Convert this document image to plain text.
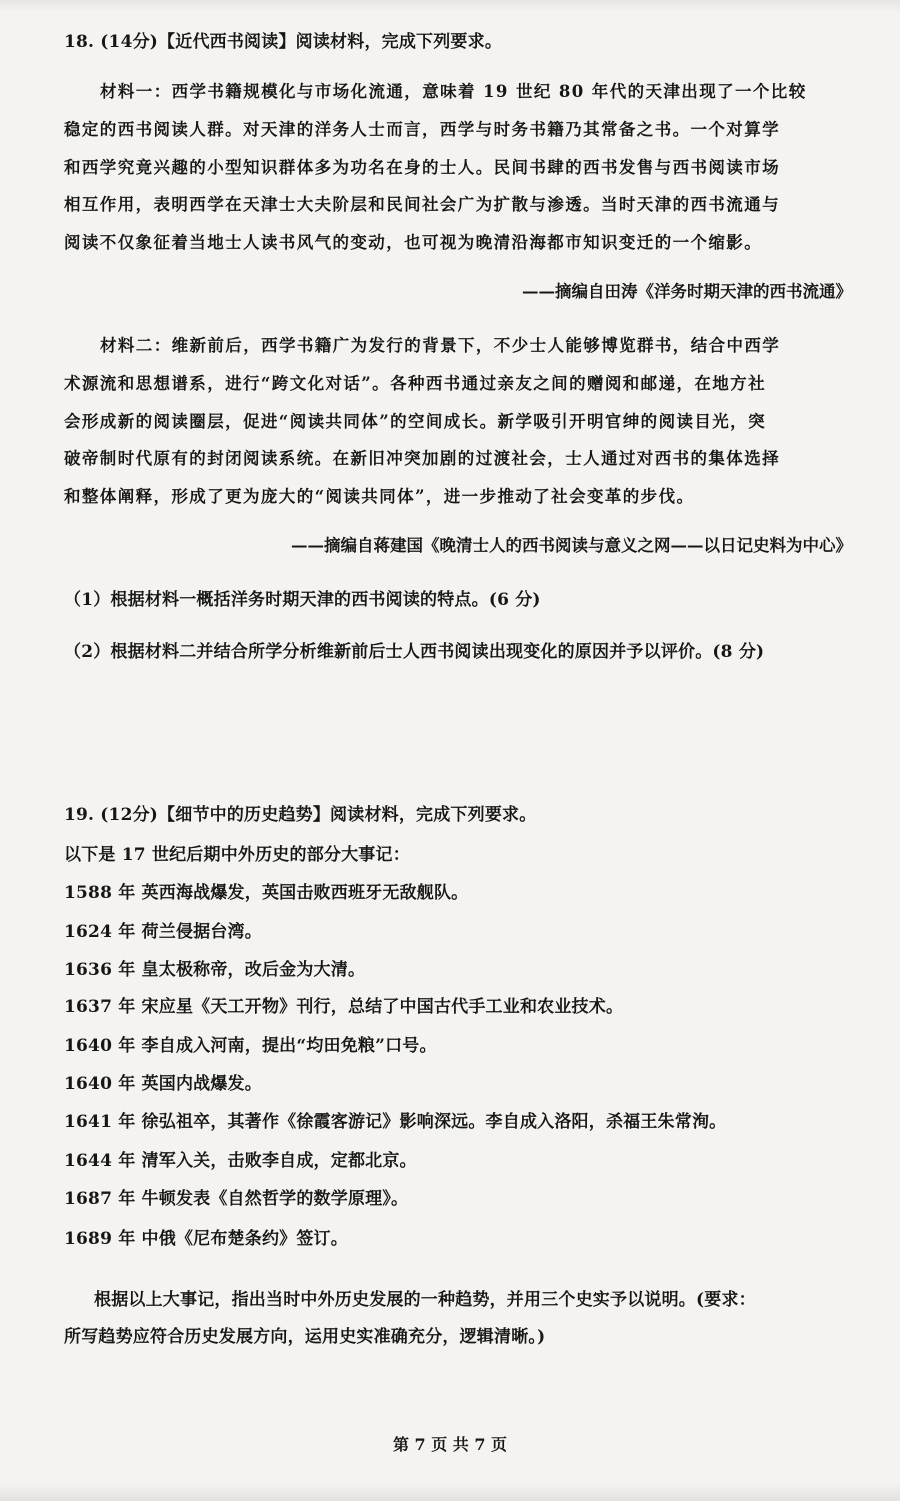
18. (14分)【近代西书阅读】阅读材料，完成下列要求。
材料一：西学书籍规模化与市场化流通，意味着 19 世纪 80 年代的天津出现了一个比较
稳定的西书阅读人群。对天津的洋务人士而言，西学与时务书籍乃其常备之书。一个对算学
和西学究竟兴趣的小型知识群体多为功名在身的士人。民间书肆的西书发售与西书阅读市场
相互作用，表明西学在天津士大夫阶层和民间社会广为扩散与渗透。当时天津的西书流通与
阅读不仅象征着当地士人读书风气的变动，也可视为晚清沿海都市知识变迁的一个缩影。
——摘编自田涛《洋务时期天津的西书流通》
材料二：维新前后，西学书籍广为发行的背景下，不少士人能够博览群书，结合中西学
术源流和思想谱系，进行“跨文化对话”。各种西书通过亲友之间的赠阅和邮递，在地方社
会形成新的阅读圈层，促进“阅读共同体”的空间成长。新学吸引开明官绅的阅读目光，突
破帝制时代原有的封闭阅读系统。在新旧冲突加剧的过渡社会，士人通过对西书的集体选择
和整体阐释，形成了更为庞大的“阅读共同体”，进一步推动了社会变革的步伐。
——摘编自蒋建国《晚清士人的西书阅读与意义之网——以日记史料为中心》
（1）根据材料一概括洋务时期天津的西书阅读的特点。(6 分)
（2）根据材料二并结合所学分析维新前后士人西书阅读出现变化的原因并予以评价。(8 分)
19. (12分)【细节中的历史趋势】阅读材料，完成下列要求。
以下是 17 世纪后期中外历史的部分大事记：
1588 年 英西海战爆发，英国击败西班牙无敌舰队。
1624 年 荷兰侵据台湾。
1636 年 皇太极称帝，改后金为大清。
1637 年 宋应星《天工开物》刊行，总结了中国古代手工业和农业技术。
1640 年 李自成入河南，提出“均田免粮”口号。
1640 年 英国内战爆发。
1641 年 徐弘祖卒，其著作《徐霞客游记》影响深远。李自成入洛阳，杀福王朱常洵。
1644 年 清军入关，击败李自成，定都北京。
1687 年 牛顿发表《自然哲学的数学原理》。
1689 年 中俄《尼布楚条约》签订。
根据以上大事记，指出当时中外历史发展的一种趋势，并用三个史实予以说明。(要求：
所写趋势应符合历史发展方向，运用史实准确充分，逻辑清晰。)
第 7 页 共 7 页
